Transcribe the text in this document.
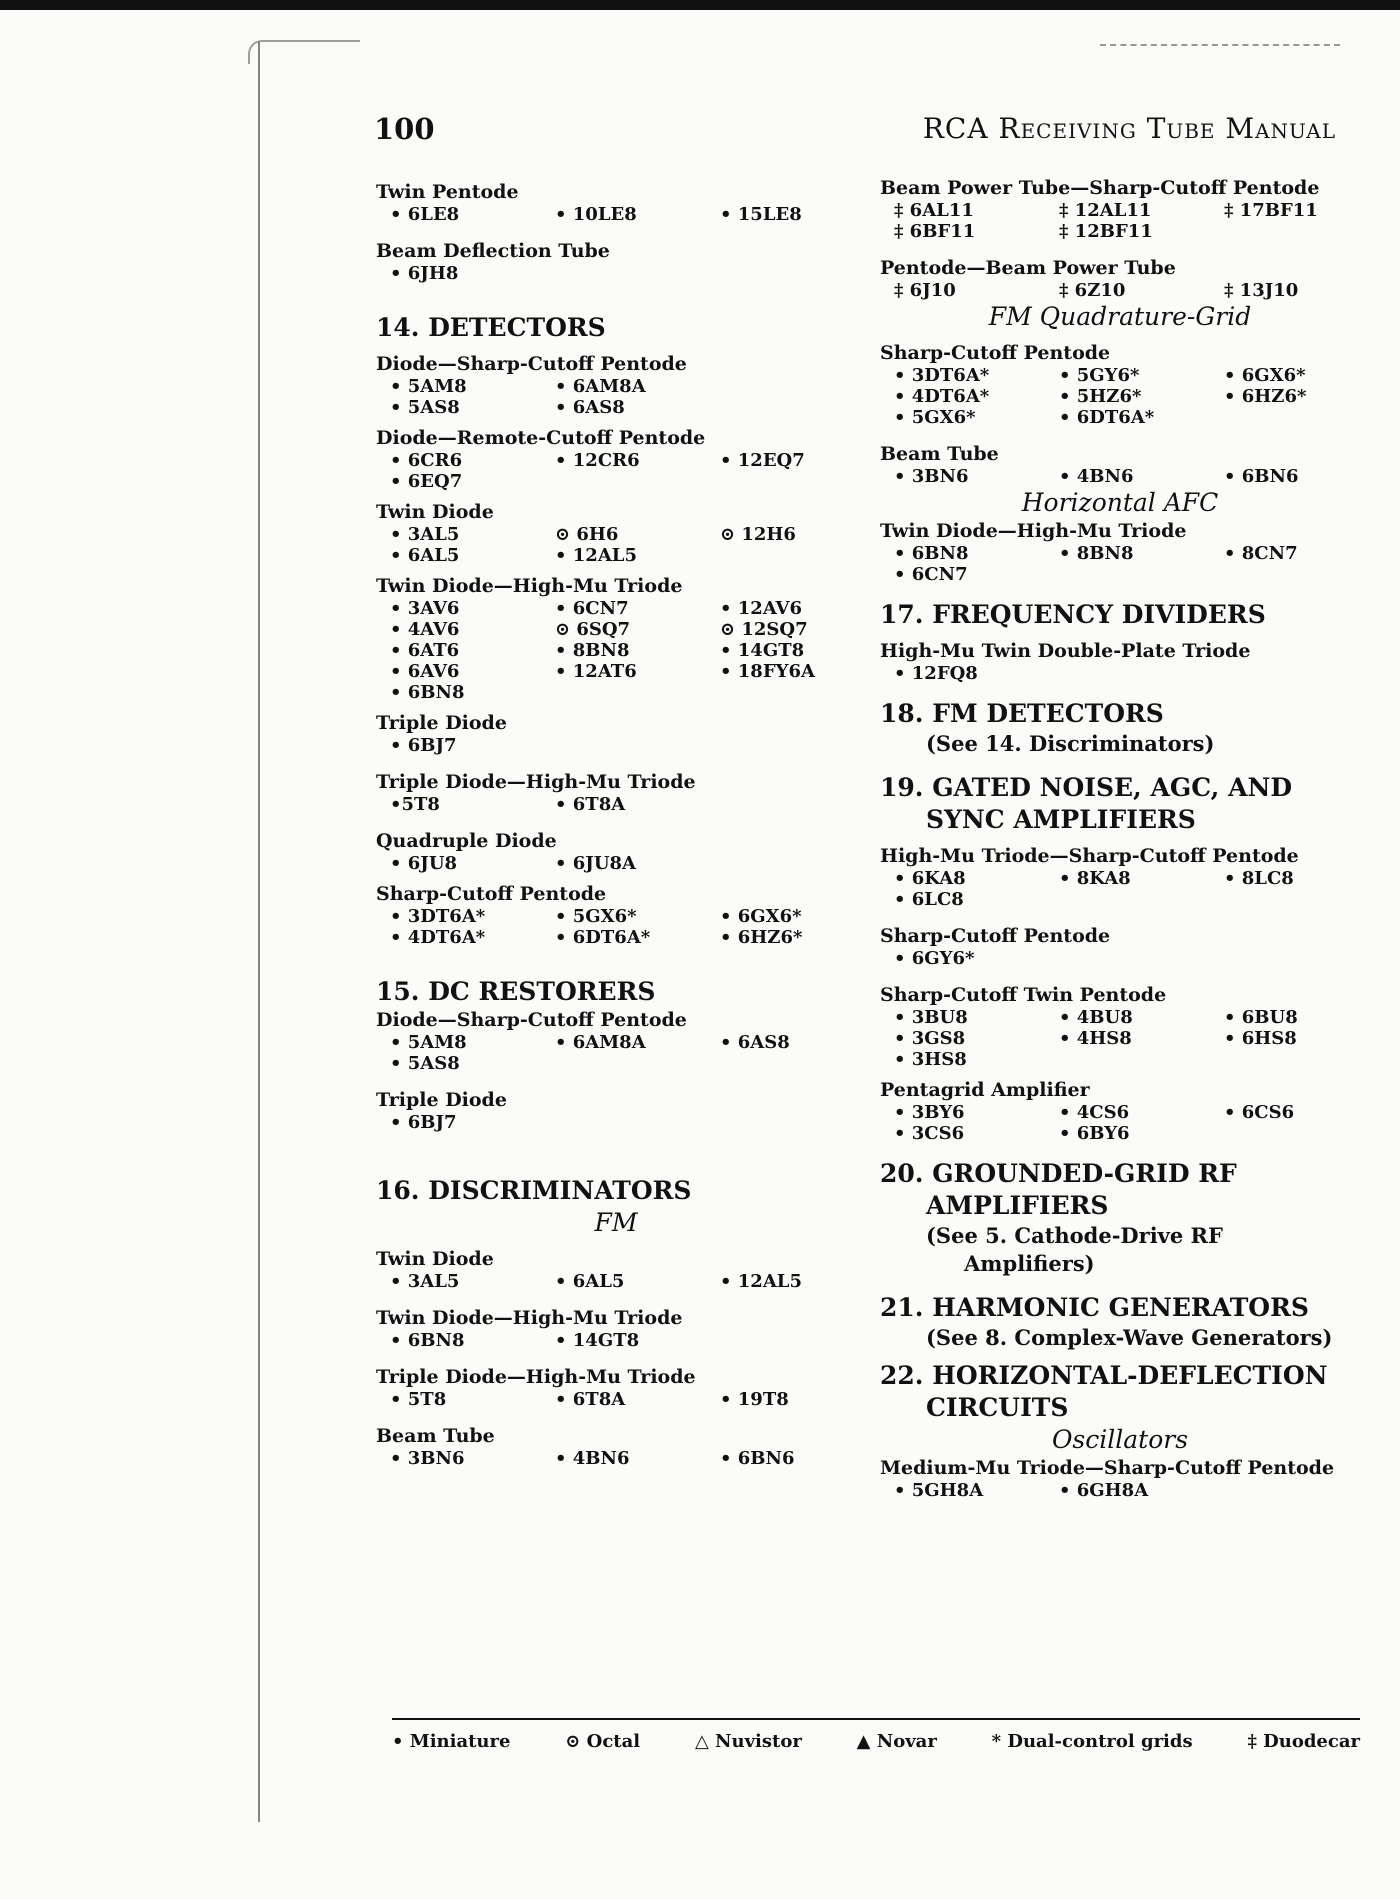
100	RCA Receiving Tube Manual

Twin Pentode

• 6LE8	• 10LE8	• 15LE8

Beam Deflection Tube

• 6JH8

14. DETECTORS

Diode—Sharp-Cutoff Pentode

• 5AM8	• 6AM8A
• 5AS8	• 6AS8

Diode—Remote-Cutoff Pentode

• 6CR6	• 12CR6	• 12EQ7
• 6EQ7

Twin Diode

• 3AL5	⊙ 6H6	⊙ 12H6
• 6AL5	• 12AL5

Twin Diode—High-Mu Triode

• 3AV6	• 6CN7	• 12AV6
• 4AV6	⊙ 6SQ7	⊙ 12SQ7
• 6AT6	• 8BN8	• 14GT8
• 6AV6	• 12AT6	• 18FY6A
• 6BN8

Triple Diode

• 6BJ7

Triple Diode—High-Mu Triode

•5T8	• 6T8A

Quadruple Diode

• 6JU8	• 6JU8A

Sharp-Cutoff Pentode

• 3DT6A*	• 5GX6*	• 6GX6*
• 4DT6A*	• 6DT6A*	• 6HZ6*

15. DC RESTORERS

Diode—Sharp-Cutoff Pentode

• 5AM8	• 6AM8A	• 6AS8
• 5AS8

Triple Diode

• 6BJ7

16. DISCRIMINATORS

FM

Twin Diode

• 3AL5	• 6AL5	• 12AL5

Twin Diode—High-Mu Triode

• 6BN8	• 14GT8

Triple Diode—High-Mu Triode

• 5T8	• 6T8A	• 19T8

Beam Tube

• 3BN6	• 4BN6	• 6BN6

Beam Power Tube—Sharp-Cutoff Pentode

‡ 6AL11	‡ 12AL11	‡ 17BF11
‡ 6BF11	‡ 12BF11

Pentode—Beam Power Tube

‡ 6J10	‡ 6Z10	‡ 13J10

FM Quadrature-Grid

Sharp-Cutoff Pentode

• 3DT6A*	• 5GY6*	• 6GX6*
• 4DT6A*	• 5HZ6*	• 6HZ6*
• 5GX6*	• 6DT6A*

Beam Tube

• 3BN6	• 4BN6	• 6BN6

Horizontal AFC

Twin Diode—High-Mu Triode

• 6BN8	• 8BN8	• 8CN7
• 6CN7

17. FREQUENCY DIVIDERS

High-Mu Twin Double-Plate Triode

• 12FQ8

18. FM DETECTORS

(See 14. Discriminators)

19. GATED NOISE, AGC, AND

SYNC AMPLIFIERS

High-Mu Triode—Sharp-Cutoff Pentode

• 6KA8	• 8KA8	• 8LC8
• 6LC8

Sharp-Cutoff Pentode

• 6GY6*

Sharp-Cutoff Twin Pentode

• 3BU8	• 4BU8	• 6BU8
• 3GS8	• 4HS8	• 6HS8
• 3HS8

Pentagrid Amplifier

• 3BY6	• 4CS6	• 6CS6
• 3CS6	• 6BY6

20. GROUNDED-GRID RF

AMPLIFIERS

(See 5. Cathode-Drive RF

Amplifiers)

21. HARMONIC GENERATORS

(See 8. Complex-Wave Generators)

22. HORIZONTAL-DEFLECTION

CIRCUITS

Oscillators

Medium-Mu Triode—Sharp-Cutoff Pentode

• 5GH8A	• 6GH8A
• Miniature	⊙ Octal	△ Nuvistor	▲ Novar	* Dual-control grids	‡ Duodecar
